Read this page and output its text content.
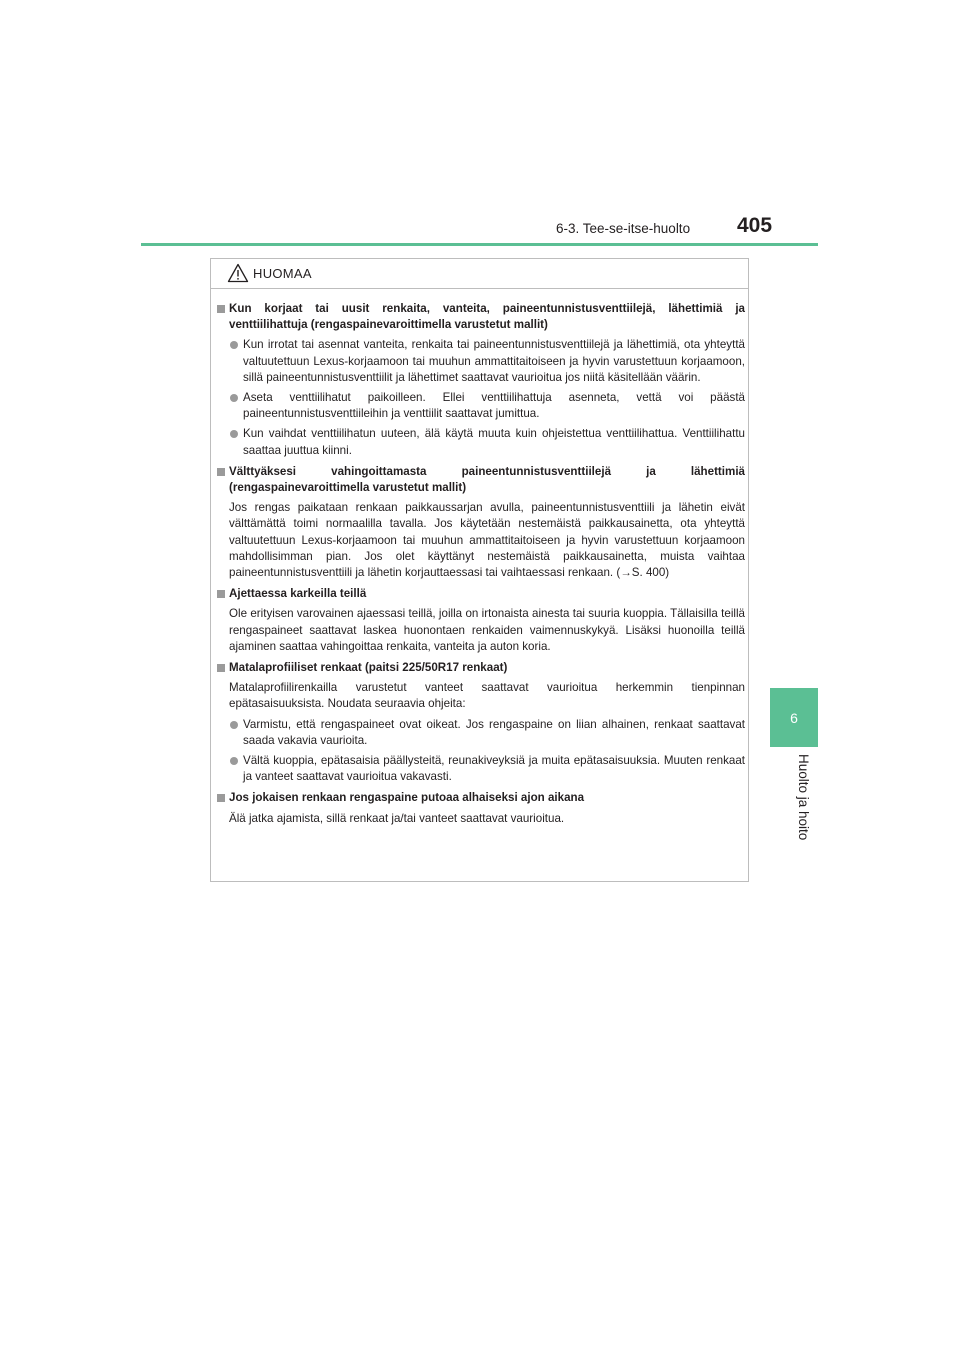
6-3. Tee-se-itse-huolto 405
6
Huolto ja hoito
HUOMAA
Kun korjaat tai uusit renkaita, vanteita, paineentunnistusventtiilejä, lähettimiä ja venttiilihattuja (rengaspainevaroittimella varustetut mallit)
Kun irrotat tai asennat vanteita, renkaita tai paineentunnistusventtiilejä ja lähettimiä, ota yhteyttä valtuutettuun Lexus-korjaamoon tai muuhun ammattitaitoiseen ja hyvin varustettuun korjaamoon, sillä paineentunnistusventtiilit ja lähettimet saattavat vaurioitua jos niitä käsitellään väärin.
Aseta venttiilihatut paikoilleen. Ellei venttiilihattuja asenneta, vettä voi päästä paineentunnistusventtiileihin ja venttiilit saattavat jumittua.
Kun vaihdat venttiilihatun uuteen, älä käytä muuta kuin ohjeistettua venttiilihattua. Venttiilihattu saattaa juuttua kiinni.
Välttyäksesi vahingoittamasta paineentunnistusventtiilejä ja lähettimiä (rengaspainevaroittimella varustetut mallit)
Jos rengas paikataan renkaan paikkaussarjan avulla, paineentunnistusventtiili ja lähetin eivät välttämättä toimi normaalilla tavalla. Jos käytetään nestemäistä paikkausainetta, ota yhteyttä valtuutettuun Lexus-korjaamoon tai muuhun ammattitaitoiseen ja hyvin varustettuun korjaamoon mahdollisimman pian. Jos olet käyttänyt nestemäistä paikkausainetta, muista vaihtaa paineentunnistusventtiili ja lähetin korjauttaessasi tai vaihtaessasi renkaan. (→S. 400)
Ajettaessa karkeilla teillä
Ole erityisen varovainen ajaessasi teillä, joilla on irtonaista ainesta tai suuria kuoppia. Tällaisilla teillä rengaspaineet saattavat laskea huonontaen renkaiden vaimennuskykyä. Lisäksi huonoilla teillä ajaminen saattaa vahingoittaa renkaita, vanteita ja auton koria.
Matalaprofiiliset renkaat (paitsi 225/50R17 renkaat)
Matalaprofiilirenkailla varustetut vanteet saattavat vaurioitua herkemmin tienpinnan epätasaisuuksista. Noudata seuraavia ohjeita:
Varmistu, että rengaspaineet ovat oikeat. Jos rengaspaine on liian alhainen, renkaat saattavat saada vakavia vaurioita.
Vältä kuoppia, epätasaisia päällysteitä, reunakiveyksiä ja muita epätasaisuuksia. Muuten renkaat ja vanteet saattavat vaurioitua vakavasti.
Jos jokaisen renkaan rengaspaine putoaa alhaiseksi ajon aikana
Älä jatka ajamista, sillä renkaat ja/tai vanteet saattavat vaurioitua.
